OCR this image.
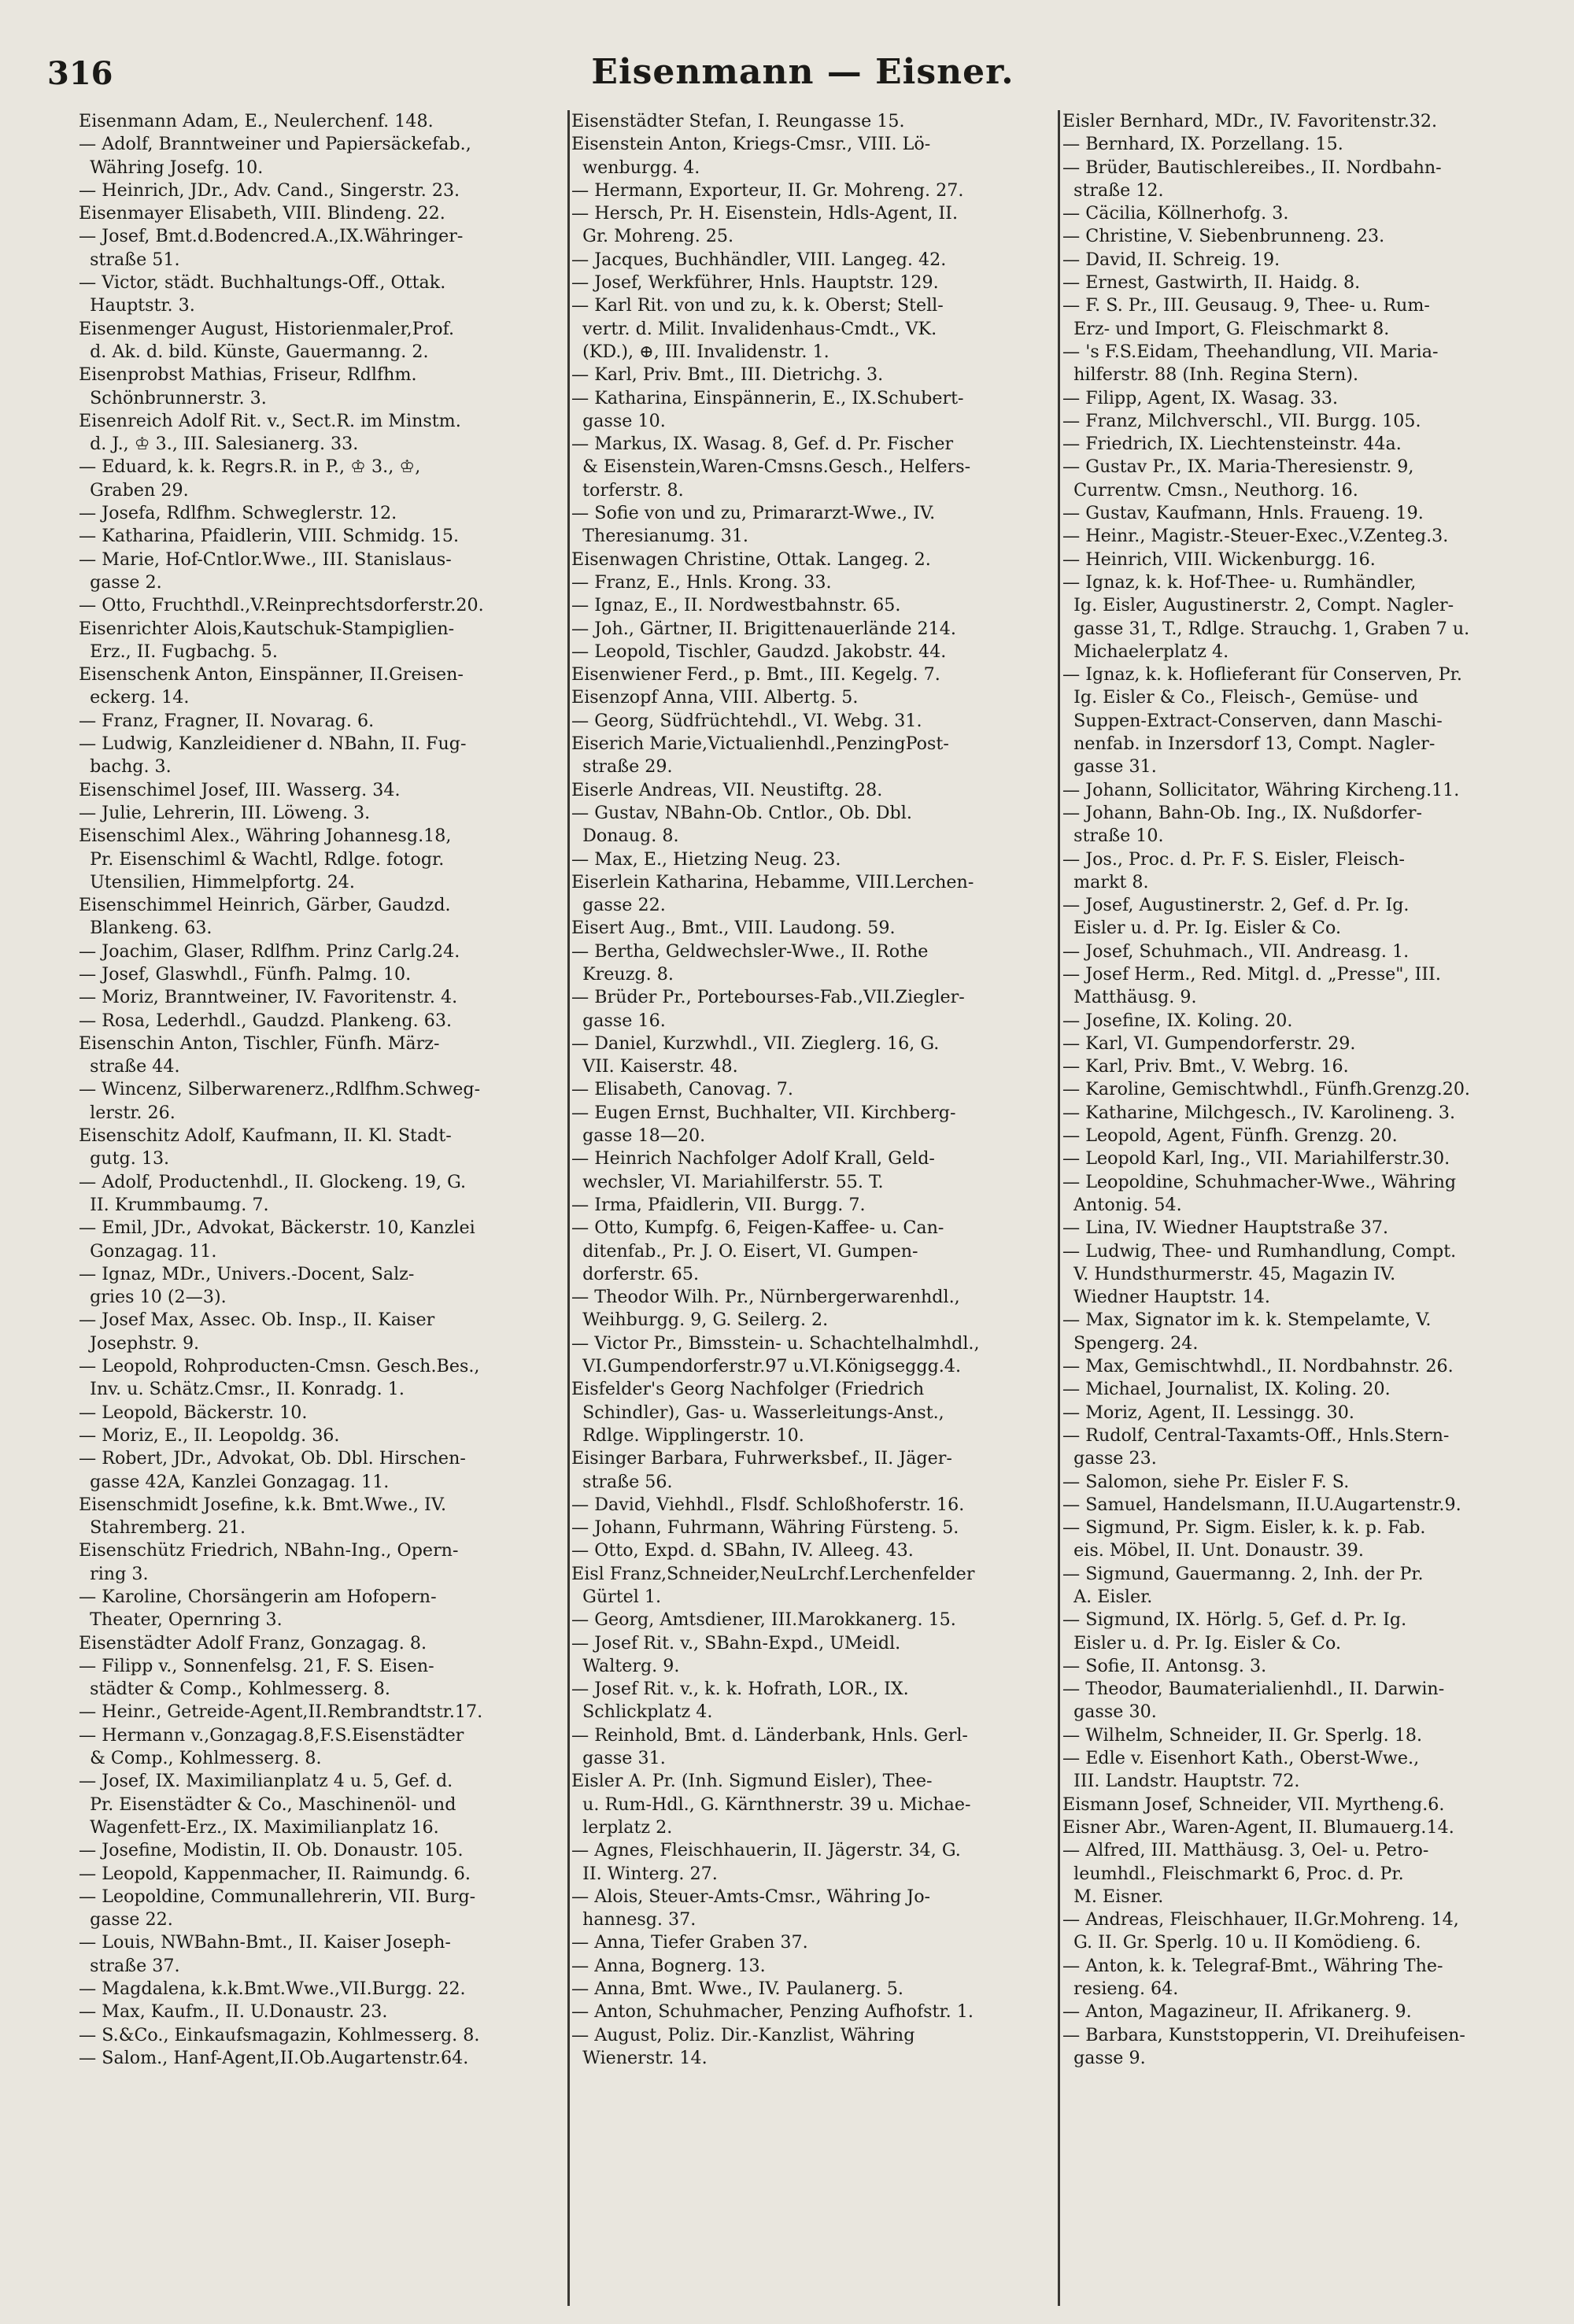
316	Eisenmann — Eisner.
Eisenmann Adam, E., Neulerchenf. 148.
— Adolf, Branntweiner und Papiersäckefab.,
Währing Josefg. 10.
— Heinrich, JDr., Adv. Cand., Singerstr. 23.
Eisenmayer Elisabeth, VIII. Blindeng. 22.
— Josef, Bmt.d.Bodencred.A.,IX.Währinger-
straße 51.
— Victor, städt. Buchhaltungs-Off., Ottak.
Hauptstr. 3.
Eisenmenger August, Historienmaler,Prof.
d. Ak. d. bild. Künste, Gauermanng. 2.
Eisenprobst Mathias, Friseur, Rdlfhm.
Schönbrunnerstr. 3.
Eisenreich Adolf Rit. v., Sect.R. im Minstm.
d. J., ♔ 3., III. Salesianerg. 33.
— Eduard, k. k. Regrs.R. in P., ♔ 3., ♔,
Graben 29.
— Josefa, Rdlfhm. Schweglerstr. 12.
— Katharina, Pfaidlerin, VIII. Schmidg. 15.
— Marie, Hof-Cntlor.Wwe., III. Stanislaus-
gasse 2.
— Otto, Fruchthdl.,V.Reinprechtsdorferstr.20.
Eisenrichter Alois,Kautschuk-Stampiglien-
Erz., II. Fugbachg. 5.
Eisenschenk Anton, Einspänner, II.Greisen-
eckerg. 14.
— Franz, Fragner, II. Novarag. 6.
— Ludwig, Kanzleidiener d. NBahn, II. Fug-
bachg. 3.
Eisenschimel Josef, III. Wasserg. 34.
— Julie, Lehrerin, III. Löweng. 3.
Eisenschiml Alex., Währing Johannesg.18,
Pr. Eisenschiml & Wachtl, Rdlge. fotogr.
Utensilien, Himmelpfortg. 24.
Eisenschimmel Heinrich, Gärber, Gaudzd.
Blankeng. 63.
— Joachim, Glaser, Rdlfhm. Prinz Carlg.24.
— Josef, Glaswhdl., Fünfh. Palmg. 10.
— Moriz, Branntweiner, IV. Favoritenstr. 4.
— Rosa, Lederhdl., Gaudzd. Plankeng. 63.
Eisenschin Anton, Tischler, Fünfh. März-
straße 44.
— Wincenz, Silberwarenerz.,Rdlfhm.Schweg-
lerstr. 26.
Eisenschitz Adolf, Kaufmann, II. Kl. Stadt-
gutg. 13.
— Adolf, Productenhdl., II. Glockeng. 19, G.
II. Krummbaumg. 7.
— Emil, JDr., Advokat, Bäckerstr. 10, Kanzlei
Gonzagag. 11.
— Ignaz, MDr., Univers.-Docent, Salz-
gries 10 (2—3).
— Josef Max, Assec. Ob. Insp., II. Kaiser
Josephstr. 9.
— Leopold, Rohproducten-Cmsn. Gesch.Bes.,
Inv. u. Schätz.Cmsr., II. Konradg. 1.
— Leopold, Bäckerstr. 10.
— Moriz, E., II. Leopoldg. 36.
— Robert, JDr., Advokat, Ob. Dbl. Hirschen-
gasse 42A, Kanzlei Gonzagag. 11.
Eisenschmidt Josefine, k.k. Bmt.Wwe., IV.
Stahremberg. 21.
Eisenschütz Friedrich, NBahn-Ing., Opern-
ring 3.
— Karoline, Chorsängerin am Hofopern-
Theater, Opernring 3.
Eisenstädter Adolf Franz, Gonzagag. 8.
— Filipp v., Sonnenfelsg. 21, F. S. Eisen-
städter & Comp., Kohlmesserg. 8.
— Heinr., Getreide-Agent,II.Rembrandtstr.17.
— Hermann v.,Gonzagag.8,F.S.Eisenstädter
& Comp., Kohlmesserg. 8.
— Josef, IX. Maximilianplatz 4 u. 5, Gef. d.
Pr. Eisenstädter & Co., Maschinenöl- und
Wagenfett-Erz., IX. Maximilianplatz 16.
— Josefine, Modistin, II. Ob. Donaustr. 105.
— Leopold, Kappenmacher, II. Raimundg. 6.
— Leopoldine, Communallehrerin, VII. Burg-
gasse 22.
— Louis, NWBahn-Bmt., II. Kaiser Joseph-
straße 37.
— Magdalena, k.k.Bmt.Wwe.,VII.Burgg. 22.
— Max, Kaufm., II. U.Donaustr. 23.
— S.&Co., Einkaufsmagazin, Kohlmesserg. 8.
— Salom., Hanf-Agent,II.Ob.Augartenstr.64.
Eisenstädter Stefan, I. Reungasse 15.
Eisenstein Anton, Kriegs-Cmsr., VIII. Lö-
wenburgg. 4.
— Hermann, Exporteur, II. Gr. Mohreng. 27.
— Hersch, Pr. H. Eisenstein, Hdls-Agent, II.
Gr. Mohreng. 25.
— Jacques, Buchhändler, VIII. Langeg. 42.
— Josef, Werkführer, Hnls. Hauptstr. 129.
— Karl Rit. von und zu, k. k. Oberst; Stell-
vertr. d. Milit. Invalidenhaus-Cmdt., VK.
(KD.), ⊕, III. Invalidenstr. 1.
— Karl, Priv. Bmt., III. Dietrichg. 3.
— Katharina, Einspännerin, E., IX.Schubert-
gasse 10.
— Markus, IX. Wasag. 8, Gef. d. Pr. Fischer
& Eisenstein,Waren-Cmsns.Gesch., Helfers-
torferstr. 8.
— Sofie von und zu, Primararzt-Wwe., IV.
Theresianumg. 31.
Eisenwagen Christine, Ottak. Langeg. 2.
— Franz, E., Hnls. Krong. 33.
— Ignaz, E., II. Nordwestbahnstr. 65.
— Joh., Gärtner, II. Brigittenauerlände 214.
— Leopold, Tischler, Gaudzd. Jakobstr. 44.
Eisenwiener Ferd., p. Bmt., III. Kegelg. 7.
Eisenzopf Anna, VIII. Albertg. 5.
— Georg, Südfrüchtehdl., VI. Webg. 31.
Eiserich Marie,Victualienhdl.,PenzingPost-
straße 29.
Eiserle Andreas, VII. Neustiftg. 28.
— Gustav, NBahn-Ob. Cntlor., Ob. Dbl.
Donaug. 8.
— Max, E., Hietzing Neug. 23.
Eiserlein Katharina, Hebamme, VIII.Lerchen-
gasse 22.
Eisert Aug., Bmt., VIII. Laudong. 59.
— Bertha, Geldwechsler-Wwe., II. Rothe
Kreuzg. 8.
— Brüder Pr., Portebourses-Fab.,VII.Ziegler-
gasse 16.
— Daniel, Kurzwhdl., VII. Zieglerg. 16, G.
VII. Kaiserstr. 48.
— Elisabeth, Canovag. 7.
— Eugen Ernst, Buchhalter, VII. Kirchberg-
gasse 18—20.
— Heinrich Nachfolger Adolf Krall, Geld-
wechsler, VI. Mariahilferstr. 55. T.
— Irma, Pfaidlerin, VII. Burgg. 7.
— Otto, Kumpfg. 6, Feigen-Kaffee- u. Can-
ditenfab., Pr. J. O. Eisert, VI. Gumpen-
dorferstr. 65.
— Theodor Wilh. Pr., Nürnbergerwarenhdl.,
Weihburgg. 9, G. Seilerg. 2.
— Victor Pr., Bimsstein- u. Schachtelhalmhdl.,
VI.Gumpendorferstr.97 u.VI.Königseggg.4.
Eisfelder's Georg Nachfolger (Friedrich
Schindler), Gas- u. Wasserleitungs-Anst.,
Rdlge. Wipplingerstr. 10.
Eisinger Barbara, Fuhrwerksbef., II. Jäger-
straße 56.
— David, Viehhdl., Flsdf. Schloßhoferstr. 16.
— Johann, Fuhrmann, Währing Fürsteng. 5.
— Otto, Expd. d. SBahn, IV. Alleeg. 43.
Eisl Franz,Schneider,NeuLrchf.Lerchenfelder
Gürtel 1.
— Georg, Amtsdiener, III.Marokkanerg. 15.
— Josef Rit. v., SBahn-Expd., UMeidl.
Walterg. 9.
— Josef Rit. v., k. k. Hofrath, LOR., IX.
Schlickplatz 4.
— Reinhold, Bmt. d. Länderbank, Hnls. Gerl-
gasse 31.
Eisler A. Pr. (Inh. Sigmund Eisler), Thee-
u. Rum-Hdl., G. Kärnthnerstr. 39 u. Michae-
lerplatz 2.
— Agnes, Fleischhauerin, II. Jägerstr. 34, G.
II. Winterg. 27.
— Alois, Steuer-Amts-Cmsr., Währing Jo-
hannesg. 37.
— Anna, Tiefer Graben 37.
— Anna, Bognerg. 13.
— Anna, Bmt. Wwe., IV. Paulanerg. 5.
— Anton, Schuhmacher, Penzing Aufhofstr. 1.
— August, Poliz. Dir.-Kanzlist, Währing
Wienerstr. 14.
Eisler Bernhard, MDr., IV. Favoritenstr.32.
— Bernhard, IX. Porzellang. 15.
— Brüder, Bautischlereibes., II. Nordbahn-
straße 12.
— Cäcilia, Köllnerhofg. 3.
— Christine, V. Siebenbrunneng. 23.
— David, II. Schreig. 19.
— Ernest, Gastwirth, II. Haidg. 8.
— F. S. Pr., III. Geusaug. 9, Thee- u. Rum-
Erz- und Import, G. Fleischmarkt 8.
— 's F.S.Eidam, Theehandlung, VII. Maria-
hilferstr. 88 (Inh. Regina Stern).
— Filipp, Agent, IX. Wasag. 33.
— Franz, Milchverschl., VII. Burgg. 105.
— Friedrich, IX. Liechtensteinstr. 44a.
— Gustav Pr., IX. Maria-Theresienstr. 9,
Currentw. Cmsn., Neuthorg. 16.
— Gustav, Kaufmann, Hnls. Fraueng. 19.
— Heinr., Magistr.-Steuer-Exec.,V.Zenteg.3.
— Heinrich, VIII. Wickenburgg. 16.
— Ignaz, k. k. Hof-Thee- u. Rumhändler,
Ig. Eisler, Augustinerstr. 2, Compt. Nagler-
gasse 31, T., Rdlge. Strauchg. 1, Graben 7 u.
Michaelerplatz 4.
— Ignaz, k. k. Hoflieferant für Conserven, Pr.
Ig. Eisler & Co., Fleisch-, Gemüse- und
Suppen-Extract-Conserven, dann Maschi-
nenfab. in Inzersdorf 13, Compt. Nagler-
gasse 31.
— Johann, Sollicitator, Währing Kircheng.11.
— Johann, Bahn-Ob. Ing., IX. Nußdorfer-
straße 10.
— Jos., Proc. d. Pr. F. S. Eisler, Fleisch-
markt 8.
— Josef, Augustinerstr. 2, Gef. d. Pr. Ig.
Eisler u. d. Pr. Ig. Eisler & Co.
— Josef, Schuhmach., VII. Andreasg. 1.
— Josef Herm., Red. Mitgl. d. „Presse", III.
Matthäusg. 9.
— Josefine, IX. Koling. 20.
— Karl, VI. Gumpendorferstr. 29.
— Karl, Priv. Bmt., V. Webrg. 16.
— Karoline, Gemischtwhdl., Fünfh.Grenzg.20.
— Katharine, Milchgesch., IV. Karolineng. 3.
— Leopold, Agent, Fünfh. Grenzg. 20.
— Leopold Karl, Ing., VII. Mariahilferstr.30.
— Leopoldine, Schuhmacher-Wwe., Währing
Antonig. 54.
— Lina, IV. Wiedner Hauptstraße 37.
— Ludwig, Thee- und Rumhandlung, Compt.
V. Hundsthurmerstr. 45, Magazin IV.
Wiedner Hauptstr. 14.
— Max, Signator im k. k. Stempelamte, V.
Spengerg. 24.
— Max, Gemischtwhdl., II. Nordbahnstr. 26.
— Michael, Journalist, IX. Koling. 20.
— Moriz, Agent, II. Lessingg. 30.
— Rudolf, Central-Taxamts-Off., Hnls.Stern-
gasse 23.
— Salomon, siehe Pr. Eisler F. S.
— Samuel, Handelsmann, II.U.Augartenstr.9.
— Sigmund, Pr. Sigm. Eisler, k. k. p. Fab.
eis. Möbel, II. Unt. Donaustr. 39.
— Sigmund, Gauermanng. 2, Inh. der Pr.
A. Eisler.
— Sigmund, IX. Hörlg. 5, Gef. d. Pr. Ig.
Eisler u. d. Pr. Ig. Eisler & Co.
— Sofie, II. Antonsg. 3.
— Theodor, Baumaterialienhdl., II. Darwin-
gasse 30.
— Wilhelm, Schneider, II. Gr. Sperlg. 18.
— Edle v. Eisenhort Kath., Oberst-Wwe.,
III. Landstr. Hauptstr. 72.
Eismann Josef, Schneider, VII. Myrtheng.6.
Eisner Abr., Waren-Agent, II. Blumauerg.14.
— Alfred, III. Matthäusg. 3, Oel- u. Petro-
leumhdl., Fleischmarkt 6, Proc. d. Pr.
M. Eisner.
— Andreas, Fleischhauer, II.Gr.Mohreng. 14,
G. II. Gr. Sperlg. 10 u. II Komödieng. 6.
— Anton, k. k. Telegraf-Bmt., Währing The-
resieng. 64.
— Anton, Magazineur, II. Afrikanerg. 9.
— Barbara, Kunststopperin, VI. Dreihufeisen-
gasse 9.
